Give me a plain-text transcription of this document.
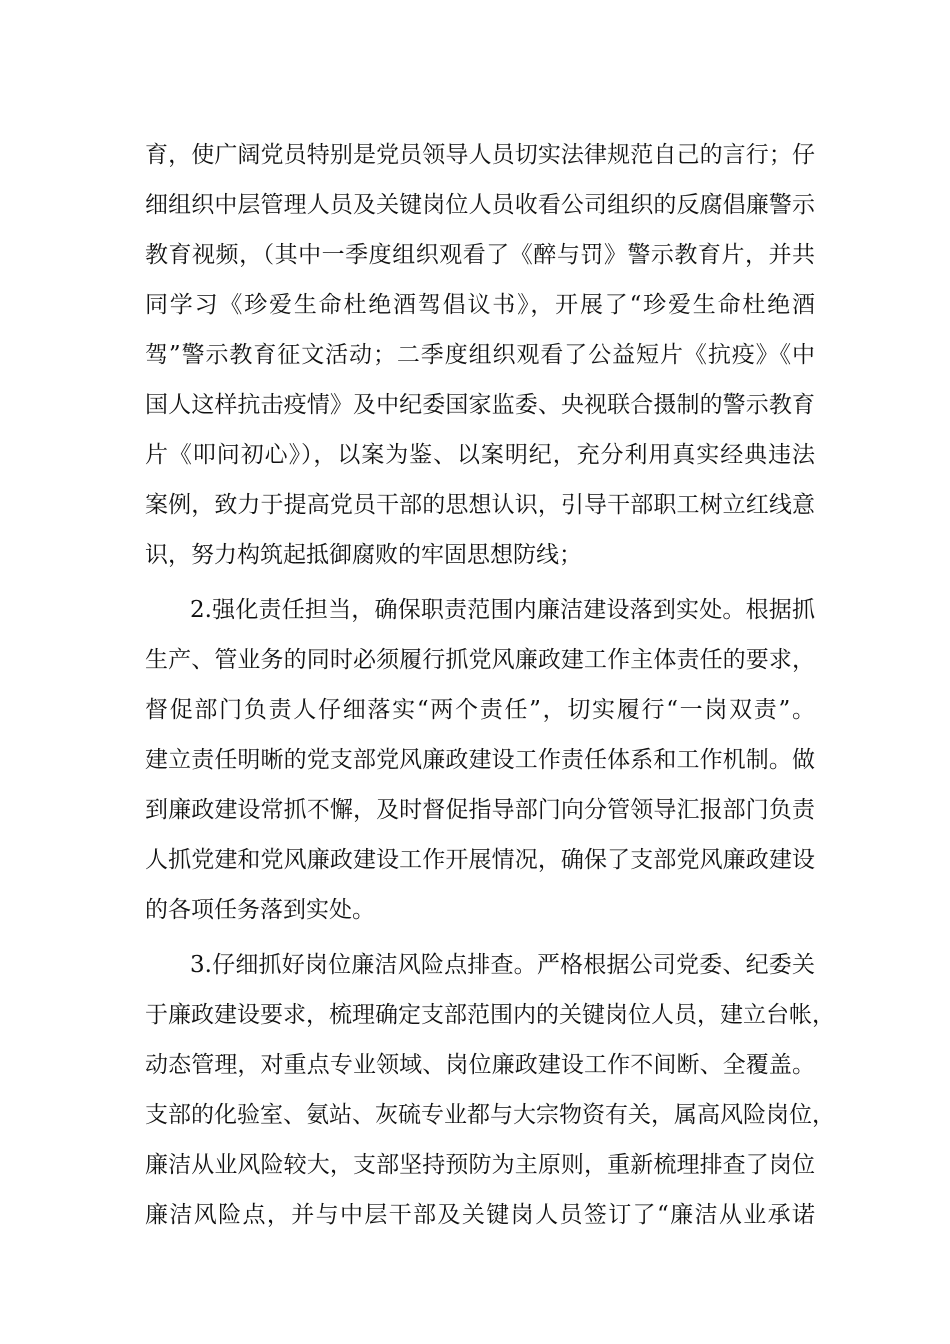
育，使广阔党员特别是党员领导人员切实法律规范自己的言行；仔
细组织中层管理人员及关键岗位人员收看公司组织的反腐倡廉警示
教育视频，（其中一季度组织观看了《醉与罚》警示教育片，并共
同学习《珍爱生命杜绝酒驾倡议书》，开展了“珍爱生命杜绝酒
驾”警示教育征文活动；二季度组织观看了公益短片《抗疫》《中
国人这样抗击疫情》及中纪委国家监委、央视联合摄制的警示教育
片《叩问初心》），以案为鉴、以案明纪，充分利用真实经典违法
案例，致力于提高党员干部的思想认识，引导干部职工树立红线意
识，努力构筑起抵御腐败的牢固思想防线；
2.强化责任担当，确保职责范围内廉洁建设落到实处。根据抓
生产、管业务的同时必须履行抓党风廉政建工作主体责任的要求，
督促部门负责人仔细落实“两个责任”，切实履行“一岗双责”。
建立责任明晰的党支部党风廉政建设工作责任体系和工作机制。做
到廉政建设常抓不懈，及时督促指导部门向分管领导汇报部门负责
人抓党建和党风廉政建设工作开展情况，确保了支部党风廉政建设
的各项任务落到实处。
3.仔细抓好岗位廉洁风险点排查。严格根据公司党委、纪委关
于廉政建设要求，梳理确定支部范围内的关键岗位人员，建立台帐，
动态管理，对重点专业领域、岗位廉政建设工作不间断、全覆盖。
支部的化验室、氨站、灰硫专业都与大宗物资有关，属高风险岗位，
廉洁从业风险较大，支部坚持预防为主原则，重新梳理排查了岗位
廉洁风险点，并与中层干部及关键岗人员签订了“廉洁从业承诺
